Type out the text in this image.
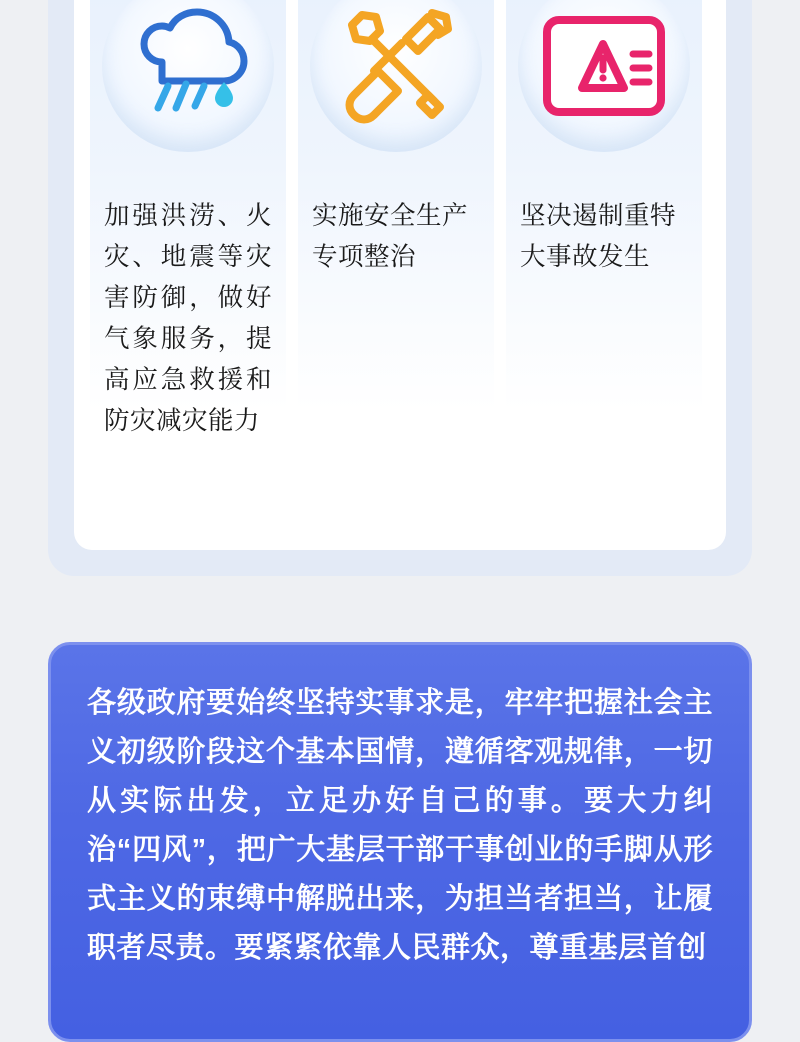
加强洪涝、火灾、地震等灾害防御，做好气象服务，提高应急救援和防灾减灾能力
实施安全生产专项整治
坚决遏制重特大事故发生
各级政府要始终坚持实事求是，牢牢把握社会主义初级阶段这个基本国情，遵循客观规律，一切从实际出发，立足办好自己的事。要大力纠治“四风”，把广大基层干部干事创业的手脚从形式主义的束缚中解脱出来，为担当者担当，让履职者尽责。要紧紧依靠人民群众，尊重基层首创
